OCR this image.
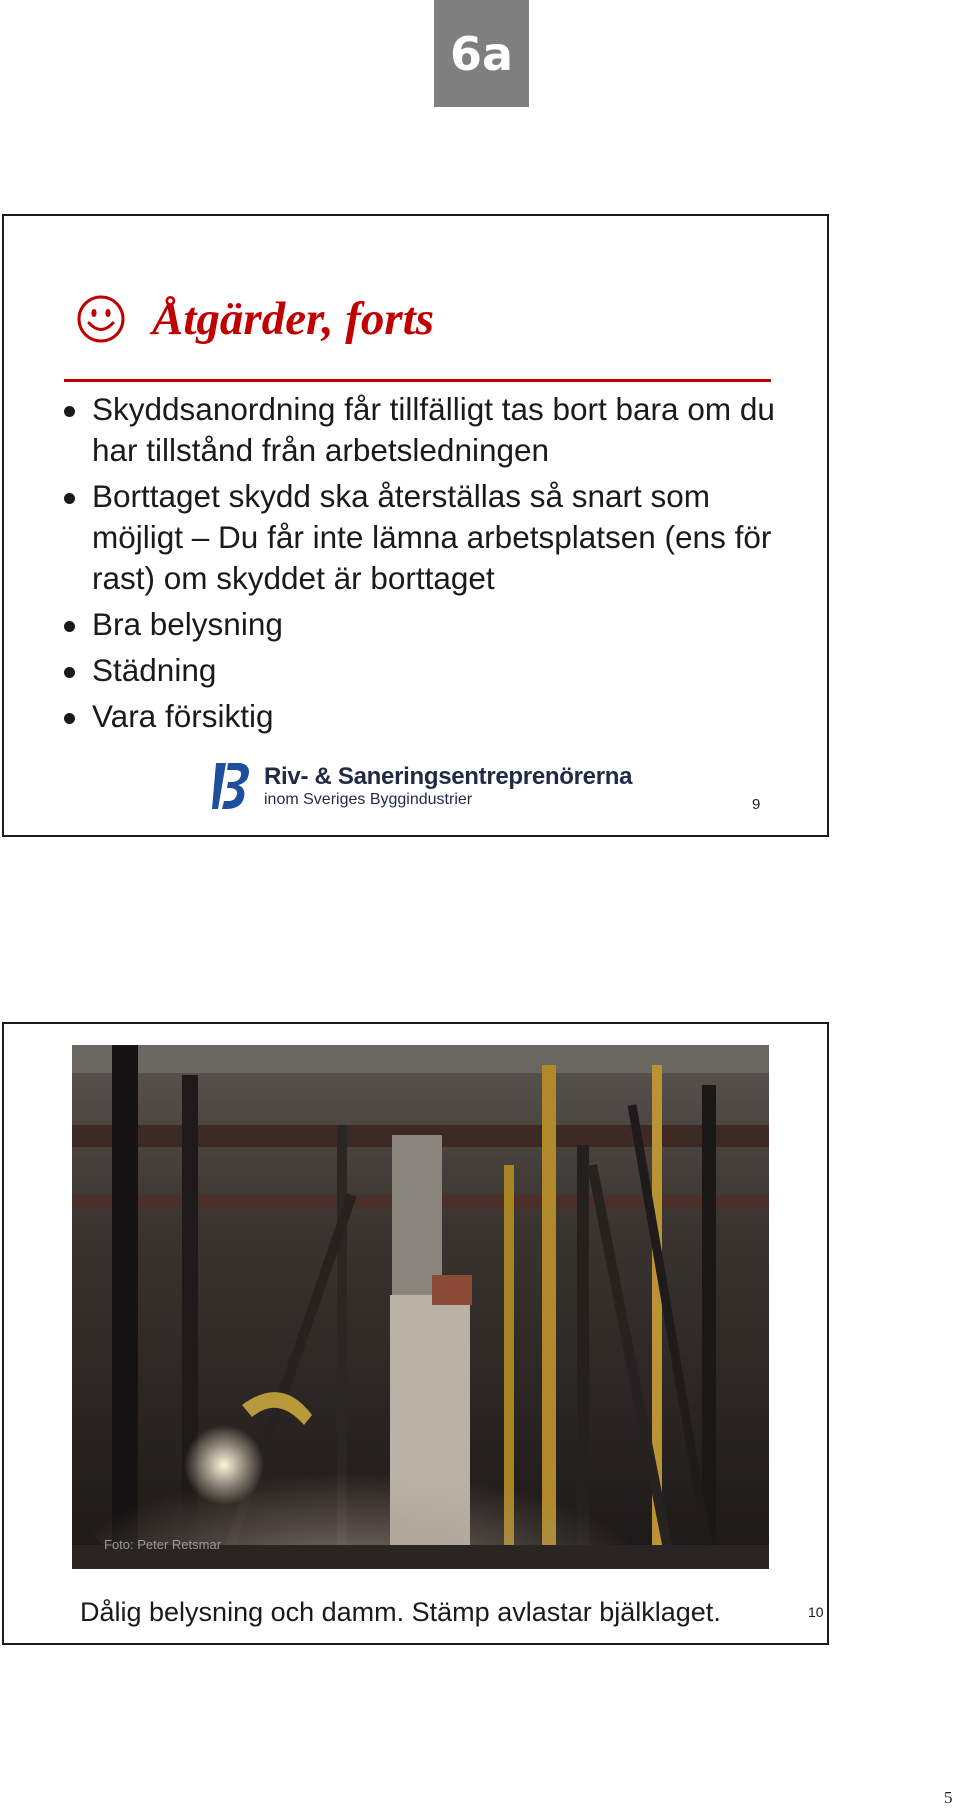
6a
Åtgärder, forts
Skyddsanordning får tillfälligt tas bort bara om du har tillstånd från arbetsledningen
Borttaget skydd ska återställas så snart som möjligt – Du får inte lämna arbetsplatsen (ens för rast) om skyddet är borttaget
Bra belysning
Städning
Vara försiktig
Riv- & Saneringsentreprenörerna
inom Sveriges Byggindustrier	9
Foto: Peter Retsmar
Dålig belysning och damm. Stämp avlastar bjälklaget.	10
5
